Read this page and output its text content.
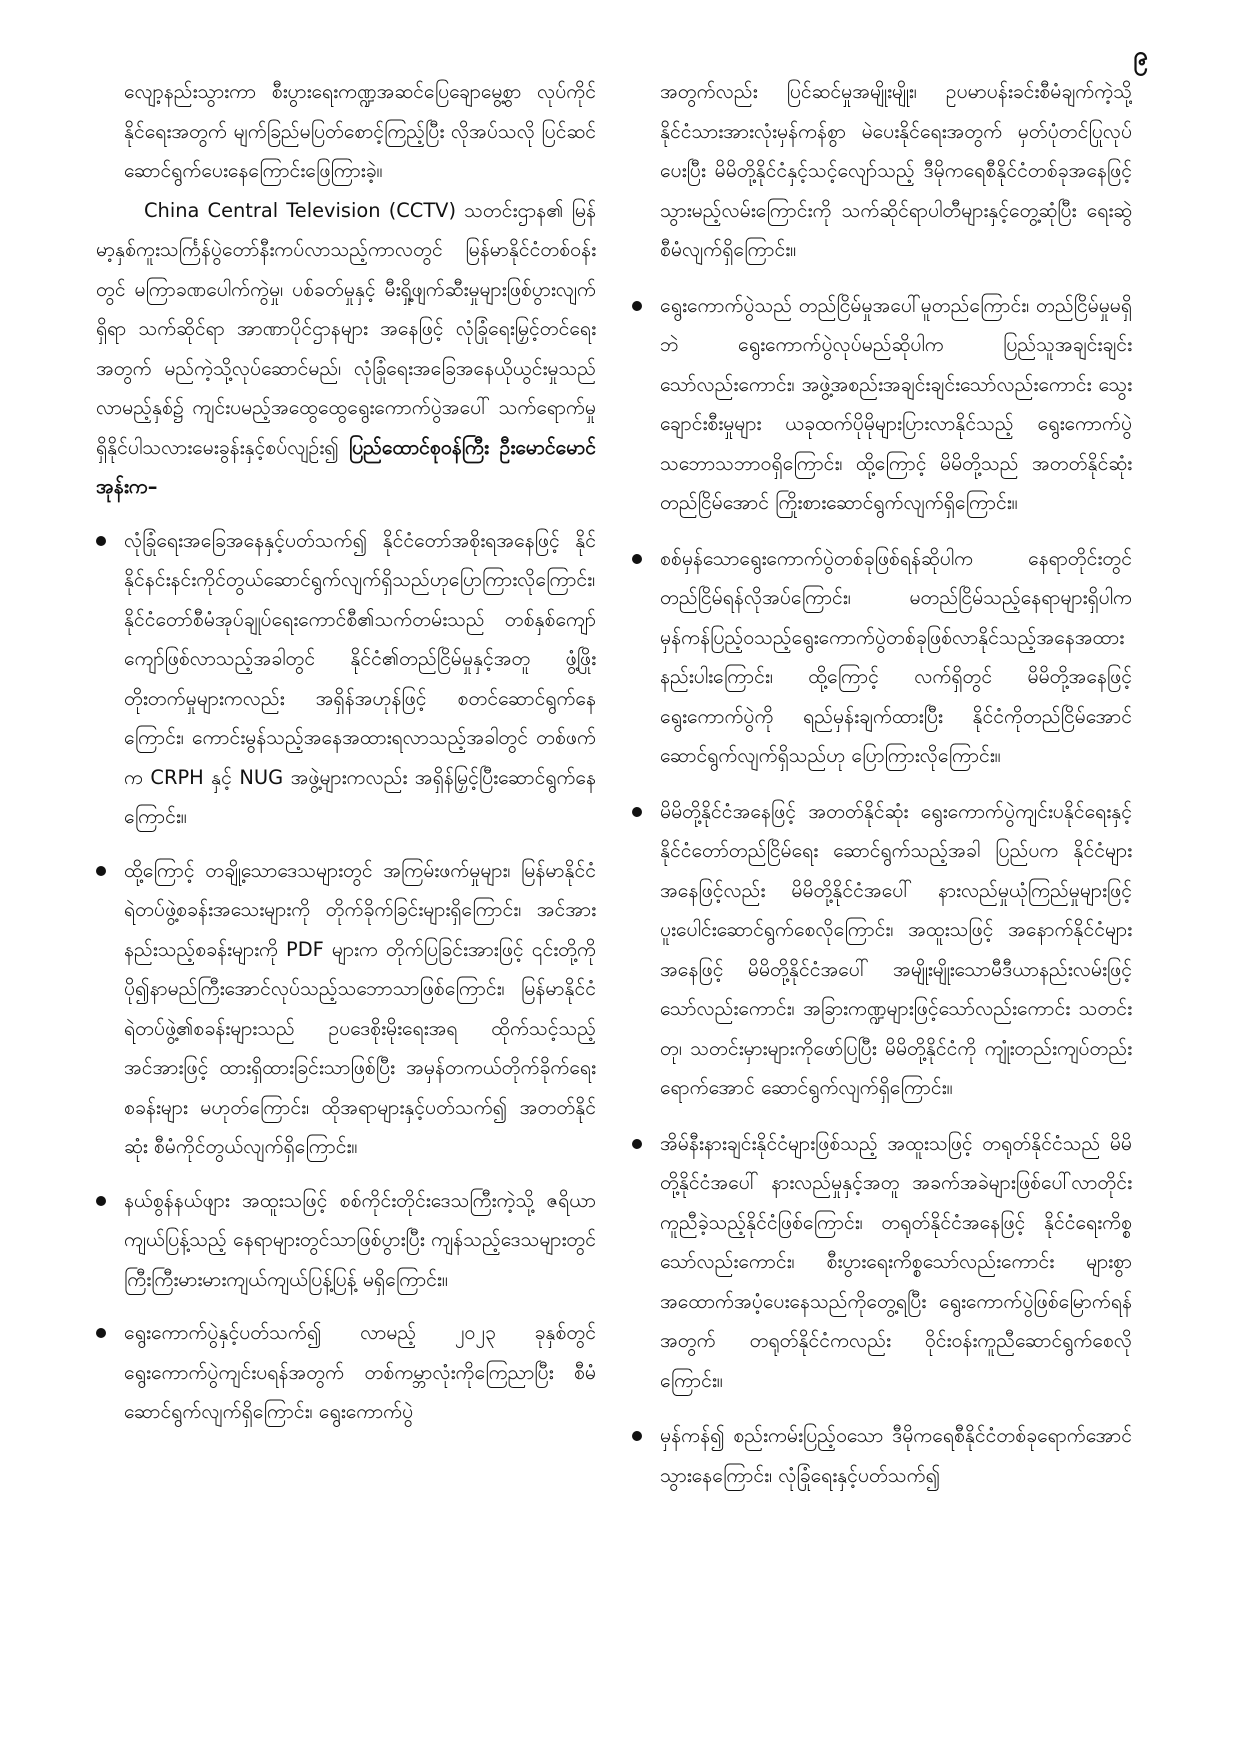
၉

လျော့နည်းသွားကာ စီးပွားရေးကဏ္ဍအဆင်ပြေချောမွေ့စွာ လုပ်ကိုင်နိုင်ရေးအတွက် မျက်ခြည်မပြတ်စောင့်ကြည့်ပြီး လိုအပ်သလို ပြင်ဆင်ဆောင်ရွက်ပေးနေကြောင်းဖြေကြားခဲ့။

China Central Television (CCTV) သတင်းဌာန၏ မြန်မာ့နှစ်ကူးသင်္ကြန်ပွဲတော်နီးကပ်လာသည့်ကာလတွင် မြန်မာနိုင်ငံတစ်ဝန်းတွင် မကြာခဏပေါက်ကွဲမှု၊ ပစ်ခတ်မှုနှင့် မီးရှို့ဖျက်ဆီးမှုများဖြစ်ပွားလျက်ရှိရာ သက်ဆိုင်ရာ အာဏာပိုင်ဌာနများ အနေဖြင့် လုံခြုံရေးမြှင့်တင်ရေးအတွက် မည်ကဲ့သို့လုပ်ဆောင်မည်၊ လုံခြုံရေးအခြေအနေယိုယွင်းမှုသည် လာမည့်နှစ်၌ ကျင်းပမည့်အထွေထွေရွေးကောက်ပွဲအပေါ် သက်ရောက်မှုရှိနိုင်ပါသလားမေးခွန်းနှင့်စပ်လျဉ်း၍ ပြည်ထောင်စုဝန်ကြီး ဦးမောင်မောင်အုန်းက–

လုံခြုံရေးအခြေအနေနှင့်ပတ်သက်၍ နိုင်ငံတော်အစိုးရအနေဖြင့် နိုင်နိုင်နင်းနင်းကိုင်တွယ်ဆောင်ရွက်လျက်ရှိသည်ဟုပြောကြားလိုကြောင်း၊ နိုင်ငံတော်စီမံအုပ်ချုပ်ရေးကောင်စီ၏သက်တမ်းသည် တစ်နှစ်ကျော်ကျော်ဖြစ်လာသည့်အခါတွင် နိုင်ငံ၏တည်ငြိမ်မှုနှင့်အတူ ဖွံ့ဖြိုးတိုးတက်မှုများကလည်း အရှိန်အဟုန်ဖြင့် စတင်ဆောင်ရွက်နေကြောင်း၊ ကောင်းမွန်သည့်အနေအထားရလာသည့်အခါတွင် တစ်ဖက်က CRPH နှင့် NUG အဖွဲ့များကလည်း အရှိန်မြှင့်ပြီးဆောင်ရွက်နေကြောင်း။
ထို့ကြောင့် တချို့သောဒေသများတွင် အကြမ်းဖက်မှုများ၊ မြန်မာနိုင်ငံရဲတပ်ဖွဲ့စခန်းအသေးများကို တိုက်ခိုက်ခြင်းများရှိကြောင်း၊ အင်အားနည်းသည့်စခန်းများကို PDF များက တိုက်ပြခြင်းအားဖြင့် ၎င်းတို့ကို ပို၍နာမည်ကြီးအောင်လုပ်သည့်သဘောသာဖြစ်ကြောင်း၊ မြန်မာနိုင်ငံရဲတပ်ဖွဲ့၏စခန်းများသည် ဥပဒေစိုးမိုးရေးအရ ထိုက်သင့်သည့်အင်အားဖြင့် ထားရှိထားခြင်းသာဖြစ်ပြီး အမှန်တကယ်တိုက်ခိုက်ရေးစခန်းများ မဟုတ်ကြောင်း၊ ထိုအရာများနှင့်ပတ်သက်၍ အတတ်နိုင်ဆုံး စီမံကိုင်တွယ်လျက်ရှိကြောင်း။
နယ်စွန်နယ်ဖျား အထူးသဖြင့် စစ်ကိုင်းတိုင်းဒေသကြီးကဲ့သို့ ဇရိယာကျယ်ပြန့်သည့် နေရာများတွင်သာဖြစ်ပွားပြီး ကျန်သည့်ဒေသများတွင် ကြီးကြီးမားမားကျယ်ကျယ်ပြန့်ပြန့် မရှိကြောင်း။
ရွေးကောက်ပွဲနှင့်ပတ်သက်၍ လာမည့် ၂၀၂၃ ခုနှစ်တွင် ရွေးကောက်ပွဲကျင်းပရန်အတွက် တစ်ကမ္ဘာလုံးကိုကြေညာပြီး စီမံဆောင်ရွက်လျက်ရှိကြောင်း၊ ရွေးကောက်ပွဲ

အတွက်လည်း ပြင်ဆင်မှုအမျိုးမျိုး၊ ဥပမာပန်းခင်းစီမံချက်ကဲ့သို့ နိုင်ငံသားအားလုံးမှန်ကန်စွာ မဲပေးနိုင်ရေးအတွက် မှတ်ပုံတင်ပြုလုပ်ပေးပြီး မိမိတို့နိုင်ငံနှင့်သင့်လျော်သည့် ဒီမိုကရေစီနိုင်ငံတစ်ခုအနေဖြင့် သွားမည့်လမ်းကြောင်းကို သက်ဆိုင်ရာပါတီများနှင့်တွေ့ဆုံပြီး ရေးဆွဲစီမံလျက်ရှိကြောင်း။

ရွေးကောက်ပွဲသည် တည်ငြိမ်မှုအပေါ်မူတည်ကြောင်း၊ တည်ငြိမ်မှုမရှိဘဲ ရွေးကောက်ပွဲလုပ်မည်ဆိုပါက ပြည်သူအချင်းချင်းသော်လည်းကောင်း၊ အဖွဲ့အစည်းအချင်းချင်းသော်လည်းကောင်း သွေးချောင်းစီးမှုများ ယခုထက်ပိုမိုများပြားလာနိုင်သည့် ရွေးကောက်ပွဲသဘောသဘာဝရှိကြောင်း၊ ထို့ကြောင့် မိမိတို့သည် အတတ်နိုင်ဆုံးတည်ငြိမ်အောင် ကြိုးစားဆောင်ရွက်လျက်ရှိကြောင်း။
စစ်မှန်သောရွေးကောက်ပွဲတစ်ခုဖြစ်ရန်ဆိုပါက နေရာတိုင်းတွင် တည်ငြိမ်ရန်လိုအပ်ကြောင်း၊ မတည်ငြိမ်သည့်နေရာများရှိပါက မှန်ကန်ပြည့်ဝသည့်ရွေးကောက်ပွဲတစ်ခုဖြစ်လာနိုင်သည့်အနေအထား နည်းပါးကြောင်း၊ ထို့ကြောင့် လက်ရှိတွင် မိမိတို့အနေဖြင့် ရွေးကောက်ပွဲကို ရည်မှန်းချက်ထားပြီး နိုင်ငံကိုတည်ငြိမ်အောင် ဆောင်ရွက်လျက်ရှိသည်ဟု ပြောကြားလိုကြောင်း။
မိမိတို့နိုင်ငံအနေဖြင့် အတတ်နိုင်ဆုံး ရွေးကောက်ပွဲကျင်းပနိုင်ရေးနှင့် နိုင်ငံတော်တည်ငြိမ်ရေး ဆောင်ရွက်သည့်အခါ ပြည်ပက နိုင်ငံများအနေဖြင့်လည်း မိမိတို့နိုင်ငံအပေါ် နားလည်မှုယုံကြည်မှုများဖြင့် ပူးပေါင်းဆောင်ရွက်စေလိုကြောင်း၊ အထူးသဖြင့် အနောက်နိုင်ငံများအနေဖြင့် မိမိတို့နိုင်ငံအပေါ် အမျိုးမျိုးသောမီဒီယာနည်းလမ်းဖြင့်သော်လည်းကောင်း၊ အခြားကဏ္ဍများဖြင့်သော်လည်းကောင်း သတင်းတု၊ သတင်းမှားများကိုဖော်ပြပြီး မိမိတို့နိုင်ငံကို ကျုံးတည်းကျပ်တည်းရောက်အောင် ဆောင်ရွက်လျက်ရှိကြောင်း။
အိမ်နီးနားချင်းနိုင်ငံများဖြစ်သည့် အထူးသဖြင့် တရုတ်နိုင်ငံသည် မိမိတို့နိုင်ငံအပေါ် နားလည်မှုနှင့်အတူ အခက်အခဲများဖြစ်ပေါ်လာတိုင်း ကူညီခဲ့သည့်နိုင်ငံဖြစ်ကြောင်း၊ တရုတ်နိုင်ငံအနေဖြင့် နိုင်ငံရေးကိစ္စသော်လည်းကောင်း၊ စီးပွားရေးကိစ္စသော်လည်းကောင်း များစွာအထောက်အပံ့ပေးနေသည်ကိုတွေ့ရပြီး ရွေးကောက်ပွဲဖြစ်မြောက်ရန်အတွက် တရုတ်နိုင်ငံကလည်း ဝိုင်းဝန်းကူညီဆောင်ရွက်စေလိုကြောင်း။
မှန်ကန်၍ စည်းကမ်းပြည့်ဝသော ဒီမိုကရေစီနိုင်ငံတစ်ခုရောက်အောင်သွားနေကြောင်း၊ လုံခြုံရေးနှင့်ပတ်သက်၍
